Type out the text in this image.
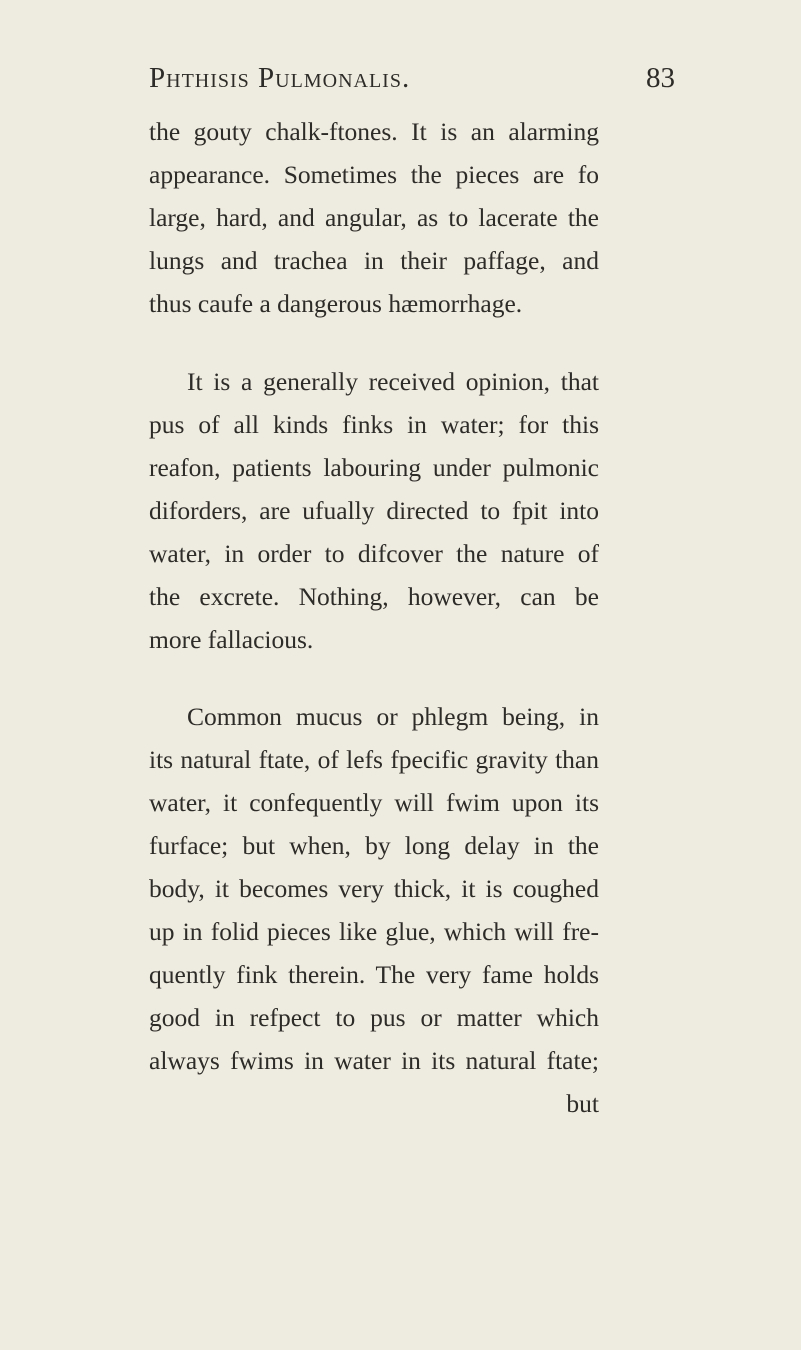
Phthisis Pulmonalis.	83
the gouty chalk-ftones. It is an alarming
appearance. Sometimes the pieces are fo
large, hard, and angular, as to lacerate the
lungs and trachea in their paffage, and
thus caufe a dangerous hæmorrhage.
It is a generally received opinion, that
pus of all kinds finks in water; for this
reafon, patients labouring under pulmonic
diforders, are ufually directed to fpit into
water, in order to difcover the nature of
the excrete. Nothing, however, can be
more fallacious.
Common mucus or phlegm being, in
its natural ftate, of lefs fpecific gravity than
water, it confequently will fwim upon its
furface; but when, by long delay in the
body, it becomes very thick, it is coughed
up in folid pieces like glue, which will fre-
quently fink therein. The very fame holds
good in refpect to pus or matter which
always fwims in water in its natural ftate;
but
